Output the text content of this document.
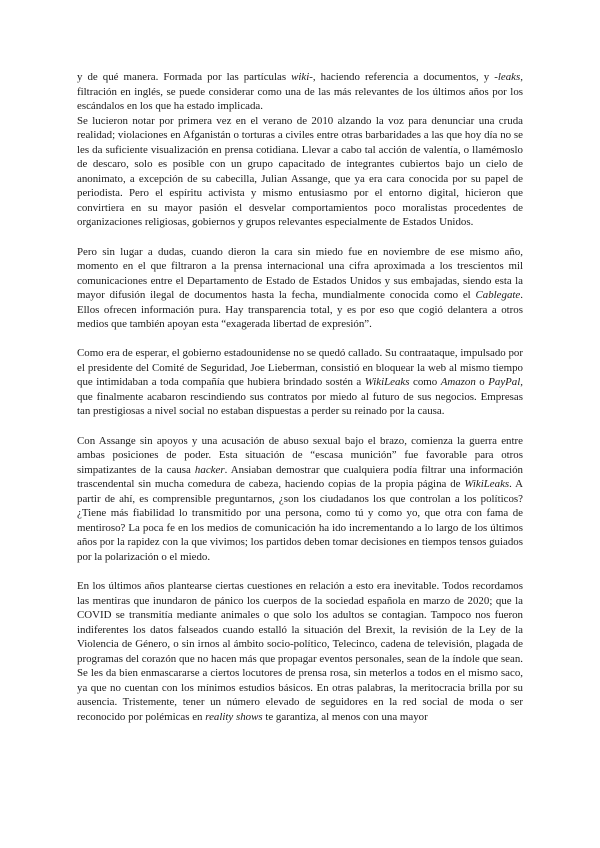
y de qué manera. Formada por las partículas wiki-, haciendo referencia a documentos, y -leaks, filtración en inglés, se puede considerar como una de las más relevantes de los últimos años por los escándalos en los que ha estado implicada.

Se lucieron notar por primera vez en el verano de 2010 alzando la voz para denunciar una cruda realidad; violaciones en Afganistán o torturas a civiles entre otras barbaridades a las que hoy día no se les da suficiente visualización en prensa cotidiana. Llevar a cabo tal acción de valentía, o llamémoslo de descaro, solo es posible con un grupo capacitado de integrantes cubiertos bajo un cielo de anonimato, a excepción de su cabecilla, Julian Assange, que ya era cara conocida por su papel de periodista. Pero el espíritu activista y mismo entusiasmo por el entorno digital, hicieron que convirtiera en su mayor pasión el desvelar comportamientos poco moralistas procedentes de organizaciones religiosas, gobiernos y grupos relevantes especialmente de Estados Unidos.

Pero sin lugar a dudas, cuando dieron la cara sin miedo fue en noviembre de ese mismo año, momento en el que filtraron a la prensa internacional una cifra aproximada a los trescientos mil comunicaciones entre el Departamento de Estado de Estados Unidos y sus embajadas, siendo esta la mayor difusión ilegal de documentos hasta la fecha, mundialmente conocida como el Cablegate. Ellos ofrecen información pura. Hay transparencia total, y es por eso que cogió delantera a otros medios que también apoyan esta “exagerada libertad de expresión”.

Como era de esperar, el gobierno estadounidense no se quedó callado. Su contraataque, impulsado por el presidente del Comité de Seguridad, Joe Lieberman, consistió en bloquear la web al mismo tiempo que intimidaban a toda compañía que hubiera brindado sostén a WikiLeaks como Amazon o PayPal, que finalmente acabaron rescindiendo sus contratos por miedo al futuro de sus negocios. Empresas tan prestigiosas a nivel social no estaban dispuestas a perder su reinado por la causa.

Con Assange sin apoyos y una acusación de abuso sexual bajo el brazo, comienza la guerra entre ambas posiciones de poder. Esta situación de “escasa munición” fue favorable para otros simpatizantes de la causa hacker. Ansiaban demostrar que cualquiera podía filtrar una información trascendental sin mucha comedura de cabeza, haciendo copias de la propia página de WikiLeaks. A partir de ahí, es comprensible preguntarnos, ¿son los ciudadanos los que controlan a los políticos? ¿Tiene más fiabilidad lo transmitido por una persona, como tú y como yo, que otra con fama de mentiroso? La poca fe en los medios de comunicación ha ido incrementando a lo largo de los últimos años por la rapidez con la que vivimos; los partidos deben tomar decisiones en tiempos tensos guiados por la polarización o el miedo.

En los últimos años plantearse ciertas cuestiones en relación a esto era inevitable. Todos recordamos las mentiras que inundaron de pánico los cuerpos de la sociedad española en marzo de 2020; que la COVID se transmitía mediante animales o que solo los adultos se contagian. Tampoco nos fueron indiferentes los datos falseados cuando estalló la situación del Brexit, la revisión de la Ley de la Violencia de Género, o sin irnos al ámbito socio-político, Telecinco, cadena de televisión, plagada de programas del corazón que no hacen más que propagar eventos personales, sean de la índole que sean. Se les da bien enmascararse a ciertos locutores de prensa rosa, sin meterlos a todos en el mismo saco, ya que no cuentan con los mínimos estudios básicos. En otras palabras, la meritocracia brilla por su ausencia. Tristemente, tener un número elevado de seguidores en la red social de moda o ser reconocido por polémicas en reality shows te garantiza, al menos con una mayor
